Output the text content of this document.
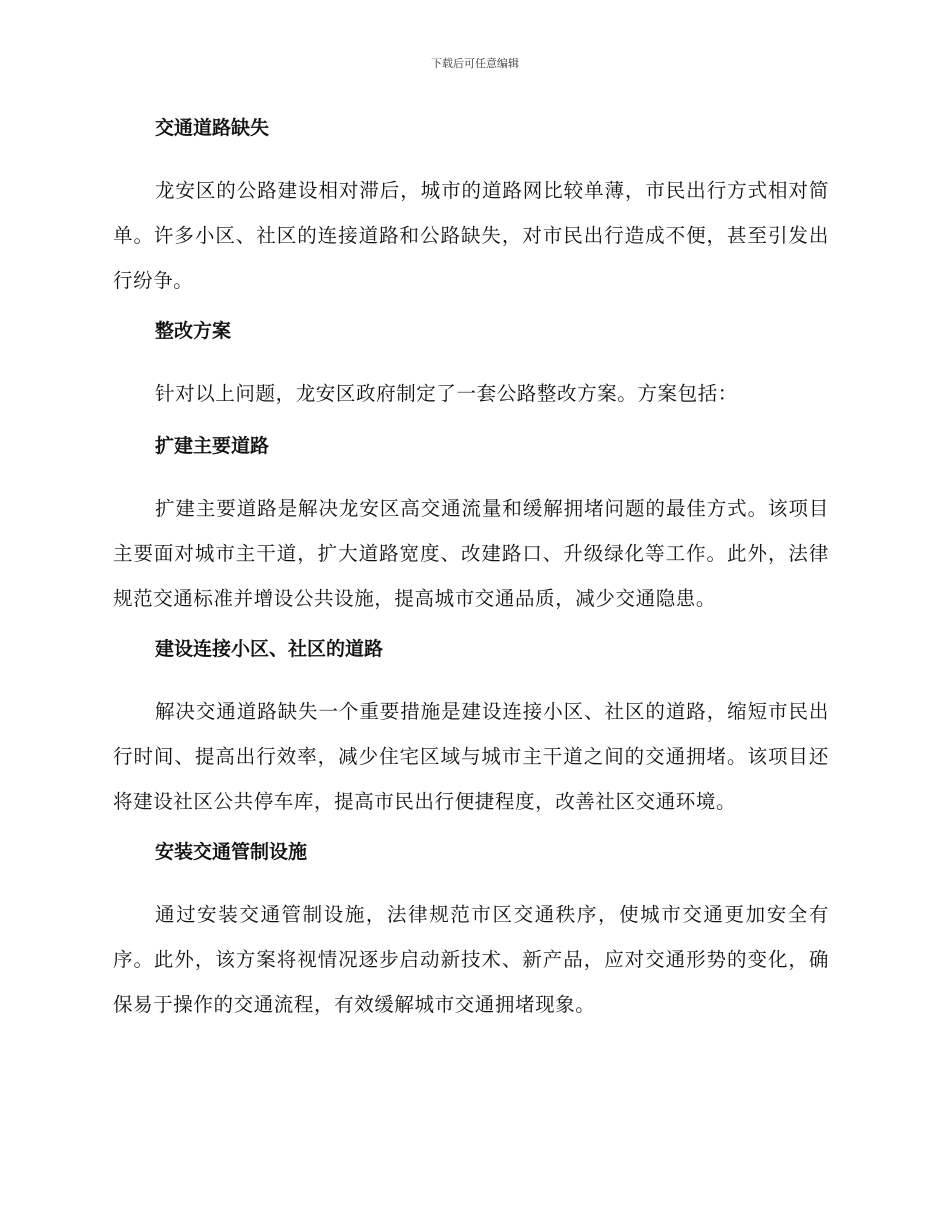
下载后可任意编辑
交通道路缺失
龙安区的公路建设相对滞后，城市的道路网比较单薄，市民出行方式相对简单。许多小区、社区的连接道路和公路缺失，对市民出行造成不便，甚至引发出行纷争。
整改方案
针对以上问题，龙安区政府制定了一套公路整改方案。方案包括：
扩建主要道路
扩建主要道路是解决龙安区高交通流量和缓解拥堵问题的最佳方式。该项目主要面对城市主干道，扩大道路宽度、改建路口、升级绿化等工作。此外，法律规范交通标准并增设公共设施，提高城市交通品质，减少交通隐患。
建设连接小区、社区的道路
解决交通道路缺失一个重要措施是建设连接小区、社区的道路，缩短市民出行时间、提高出行效率，减少住宅区域与城市主干道之间的交通拥堵。该项目还将建设社区公共停车库，提高市民出行便捷程度，改善社区交通环境。
安装交通管制设施
通过安装交通管制设施，法律规范市区交通秩序，使城市交通更加安全有序。此外，该方案将视情况逐步启动新技术、新产品，应对交通形势的变化，确保易于操作的交通流程，有效缓解城市交通拥堵现象。
